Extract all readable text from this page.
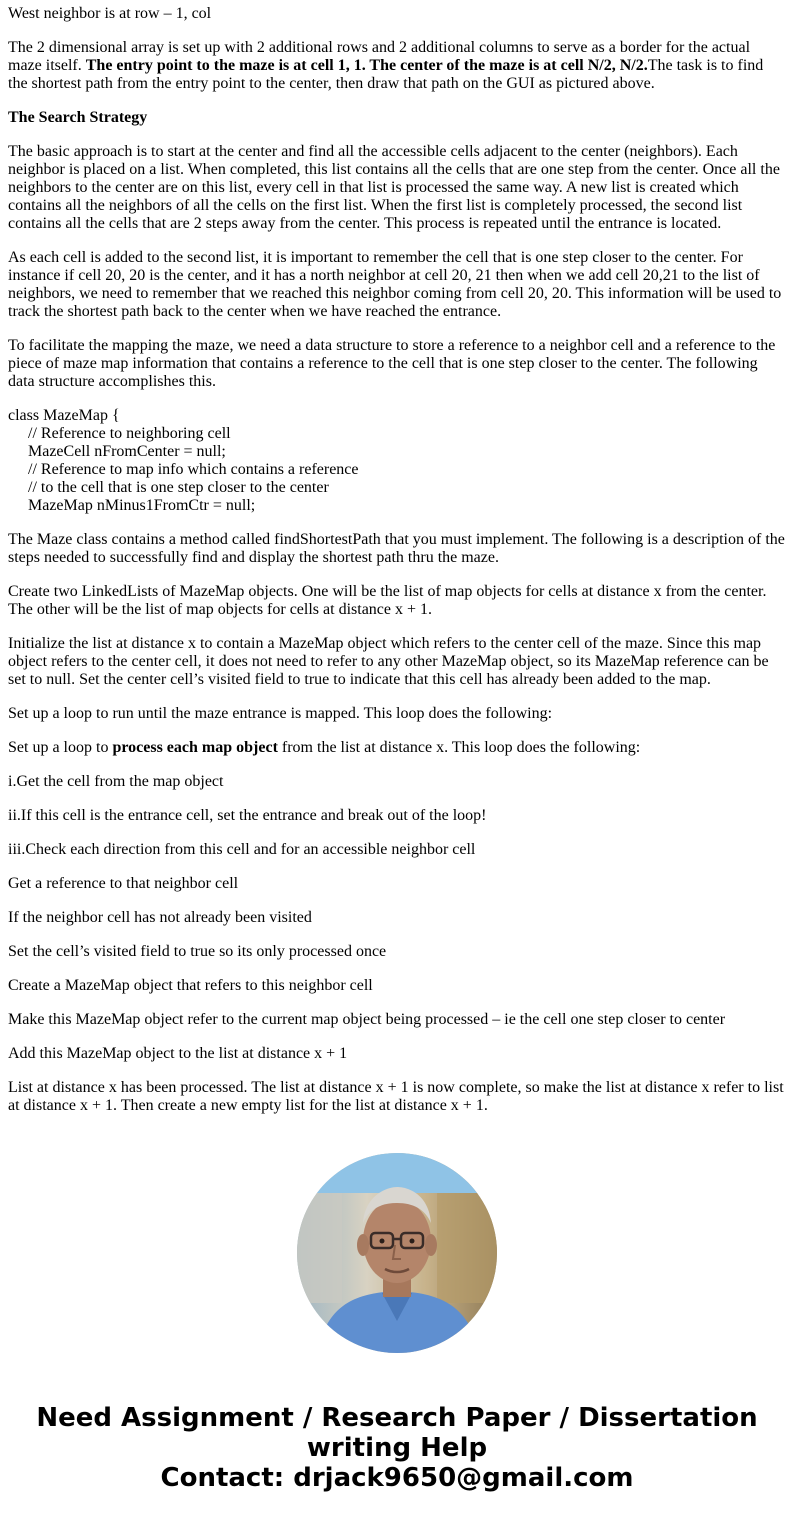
West neighbor is at row – 1, col

The 2 dimensional array is set up with 2 additional rows and 2 additional columns to serve as a border for the actual maze itself. The entry point to the maze is at cell 1, 1. The center of the maze is at cell N/2, N/2.The task is to find the shortest path from the entry point to the center, then draw that path on the GUI as pictured above.

The Search Strategy

The basic approach is to start at the center and find all the accessible cells adjacent to the center (neighbors). Each neighbor is placed on a list. When completed, this list contains all the cells that are one step from the center. Once all the neighbors to the center are on this list, every cell in that list is processed the same way. A new list is created which contains all the neighbors of all the cells on the first list. When the first list is completely processed, the second list contains all the cells that are 2 steps away from the center. This process is repeated until the entrance is located.

As each cell is added to the second list, it is important to remember the cell that is one step closer to the center. For instance if cell 20, 20 is the center, and it has a north neighbor at cell 20, 21 then when we add cell 20,21 to the list of neighbors, we need to remember that we reached this neighbor coming from cell 20, 20. This information will be used to track the shortest path back to the center when we have reached the entrance.

To facilitate the mapping the maze, we need a data structure to store a reference to a neighbor cell and a reference to the piece of maze map information that contains a reference to the cell that is one step closer to the center. The following data structure accomplishes this.

class MazeMap {
// Reference to neighboring cell
MazeCell nFromCenter = null;
// Reference to map info which contains a reference
// to the cell that is one step closer to the center
MazeMap nMinus1FromCtr = null;

The Maze class contains a method called findShortestPath that you must implement. The following is a description of the steps needed to successfully find and display the shortest path thru the maze.

Create two LinkedLists of MazeMap objects. One will be the list of map objects for cells at distance x from the center. The other will be the list of map objects for cells at distance x + 1.

Initialize the list at distance x to contain a MazeMap object which refers to the center cell of the maze. Since this map object refers to the center cell, it does not need to refer to any other MazeMap object, so its MazeMap reference can be set to null. Set the center cell’s visited field to true to indicate that this cell has already been added to the map.

Set up a loop to run until the maze entrance is mapped. This loop does the following:

Set up a loop to process each map object from the list at distance x. This loop does the following:

i.Get the cell from the map object

ii.If this cell is the entrance cell, set the entrance and break out of the loop!

iii.Check each direction from this cell and for an accessible neighbor cell

Get a reference to that neighbor cell

If the neighbor cell has not already been visited

Set the cell’s visited field to true so its only processed once

Create a MazeMap object that refers to this neighbor cell

Make this MazeMap object refer to the current map object being processed – ie the cell one step closer to center

Add this MazeMap object to the list at distance x + 1

List at distance x has been processed. The list at distance x + 1 is now complete, so make the list at distance x refer to list at distance x + 1. Then create a new empty list for the list at distance x + 1.

Need Assignment / Research Paper / Dissertation
writing Help
Contact: drjack9650@gmail.com
